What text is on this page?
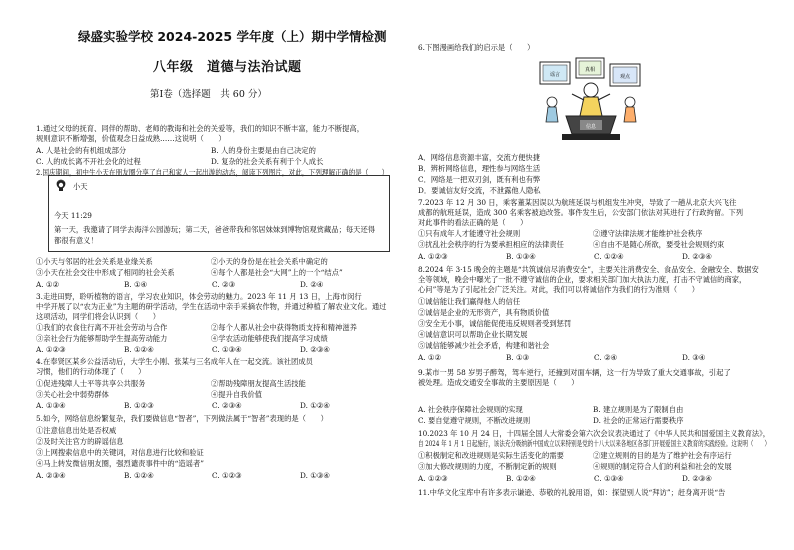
绿盛实验学校 2024-2025 学年度（上）期中学情检测
八年级　道德与法治试题
第Ⅰ卷（选择题　共 60 分）
1.通过父母的抚育、同伴的帮助、老师的教诲和社会的关爱等，我们的知识不断丰富，能力不断提高，
规则意识不断增强，价值观念日益成熟……这说明（　　）
A. 人是社会的有机组成部分	B. 人的身份主要是由自己决定的
C. 人的成长离不开社会化的过程	D. 复杂的社会关系有利于个人成长
2.国庆期间，初中生小天在朋友圈分享了自己和家人一起出游的动态，阅读下列图片，对此，下列理解正确的是（　　）
小天
今天 11:29
第一天，我邀请了同学去海洋公园游玩；第二天，爸爸带我和邻居妹妹到博物馆观赏藏品；每天还得
都很有意义！
①小天与邻居的社会关系是业缘关系	②小天的身份是在社会关系中确定的
③小天在社会交往中形成了相同的社会关系	④每个人都是社会“大网”上的一个“结点”
A. ①②	B. ①④	C. ②③	D. ②④
3.走进田野，聆听植物的语言，学习农业知识，体会劳动的魅力。2023 年 11 月 13 日，上海市闵行
中学开展了以“农为正业”为主题的研学活动，学生在活动中亲手采摘农作物，并通过种植了解农业文化。通过
这项活动，同学们将会认识到（　　）
①我们的衣食住行离不开社会劳动与合作	②每个人都从社会中获得物质支持和精神滋养
③亲社会行为能够帮助学生提高劳动能力	④学农活动能够使我们提高学习成绩
A. ①②③	B. ①②④	C. ①③④	D. ②③④
4.在奉贤区某乡公益活动后，大学生小刚、张某与三名成年人在一起交流。该社团成员
习惯，他们的行动体现了（　　）
①促进残障人士平等共享公共服务	②帮助残障朋友提高生活技能
③关心社会中弱势群体	④提升自我价值
A. ①③④	B. ①②③	C. ②③④	D. ①②④
5.如今，网络信息纷繁复杂，我们要做信息“智者”，下列做法属于“智者”表现的是（　　）
①注意信息出处是否权威
②及时关注官方的辟谣信息
③上网搜索信息中的关键词，对信息进行比较和验证
④马上转发微信朋友圈，强烈谴责事件中的“造谣者”
A. ②③④	B. ①②④	C. ①②③	D. ①③④
6.下图漫画给我们的启示是（　　）
谣言
真相
观点
信息
A．网络信息资源丰富，交流方便快捷
B．辨析网络信息，理性参与网络生活
C．网络是一把双刃剑，既有利也有弊
D．要诚信友好交流，不泄露他人隐私
7.2023 年 12 月 30 日，乘客董某因误以为航班延误与机组发生冲突，导致了一趟从北京大兴飞往
成都的航班延误，造成 300 名乘客被迫改签。事件发生后，公安部门依法对其进行了行政拘留。下列
对此事件的看法正确的是（　　）
①只有成年人才能遵守社会规则	②遵守法律法规才能维护社会秩序
③扰乱社会秩序的行为要承担相应的法律责任	④自由不是随心所欲，要受社会规则约束
A. ①②③	B. ①③④	C. ①②④	D. ②③④
8.2024 年 3·15 晚会的主题是“共筑诚信尽消费安全”，主要关注消费安全、食品安全、金融安全、数据安
全等领域，晚会中曝光了一批不遵守诚信的企业，要求相关部门加大执法力度，打击不守诚信的商家，
心问”等是为了引起社会广泛关注。对此，我们可以将诚信作为我们的行为准则（　　）
①诚信能让我们赢得他人的信任
②诚信是企业的无形资产，具有物质价值
③安全无小事，诚信能促使违反规则者受到惩罚
④诚信意识可以帮助企业长期发展
⑤诚信能够减少社会矛盾，构建和谐社会
A. ①②	B. ①③	C. ②④	D. ③④
9.某市一男 58 岁男子醉驾，驾车逆行，还撞到对面车辆，这一行为导致了重大交通事故，引起了
被处理。造成交通安全事故的主要原因是（　　）
A. 社会秩序保障社会规则的实现	B. 建立规则是为了限制自由
C. 要自觉遵守规则，不断改进规则	D. 社会的正常运行需要秩序
10.2023 年 10 月 24 日，十四届全国人大常委会第六次会议表决通过了《中华人民共和国爱国主义教育法》，
自 2024 年 1 月 1 日起施行，该法充分吸纳新中国成立以来特别是党的十八大以来各地区各部门开展爱国主义教育的实践经验。这说明（　　）
①积极制定和改进规则是实际生活变化的需要	②建立规则的目的是为了维护社会有序运行
③加大修改规则的力度，不断制定新的规则	④规则的制定符合人们的利益和社会的发展
A. ①②③	B. ①②④	C. ①③④	D. ②③④
11.中华文化宝库中有许多表示谦逊、恭敬的礼貌用语，如：探望别人说“拜访”；赶身离开说“告
